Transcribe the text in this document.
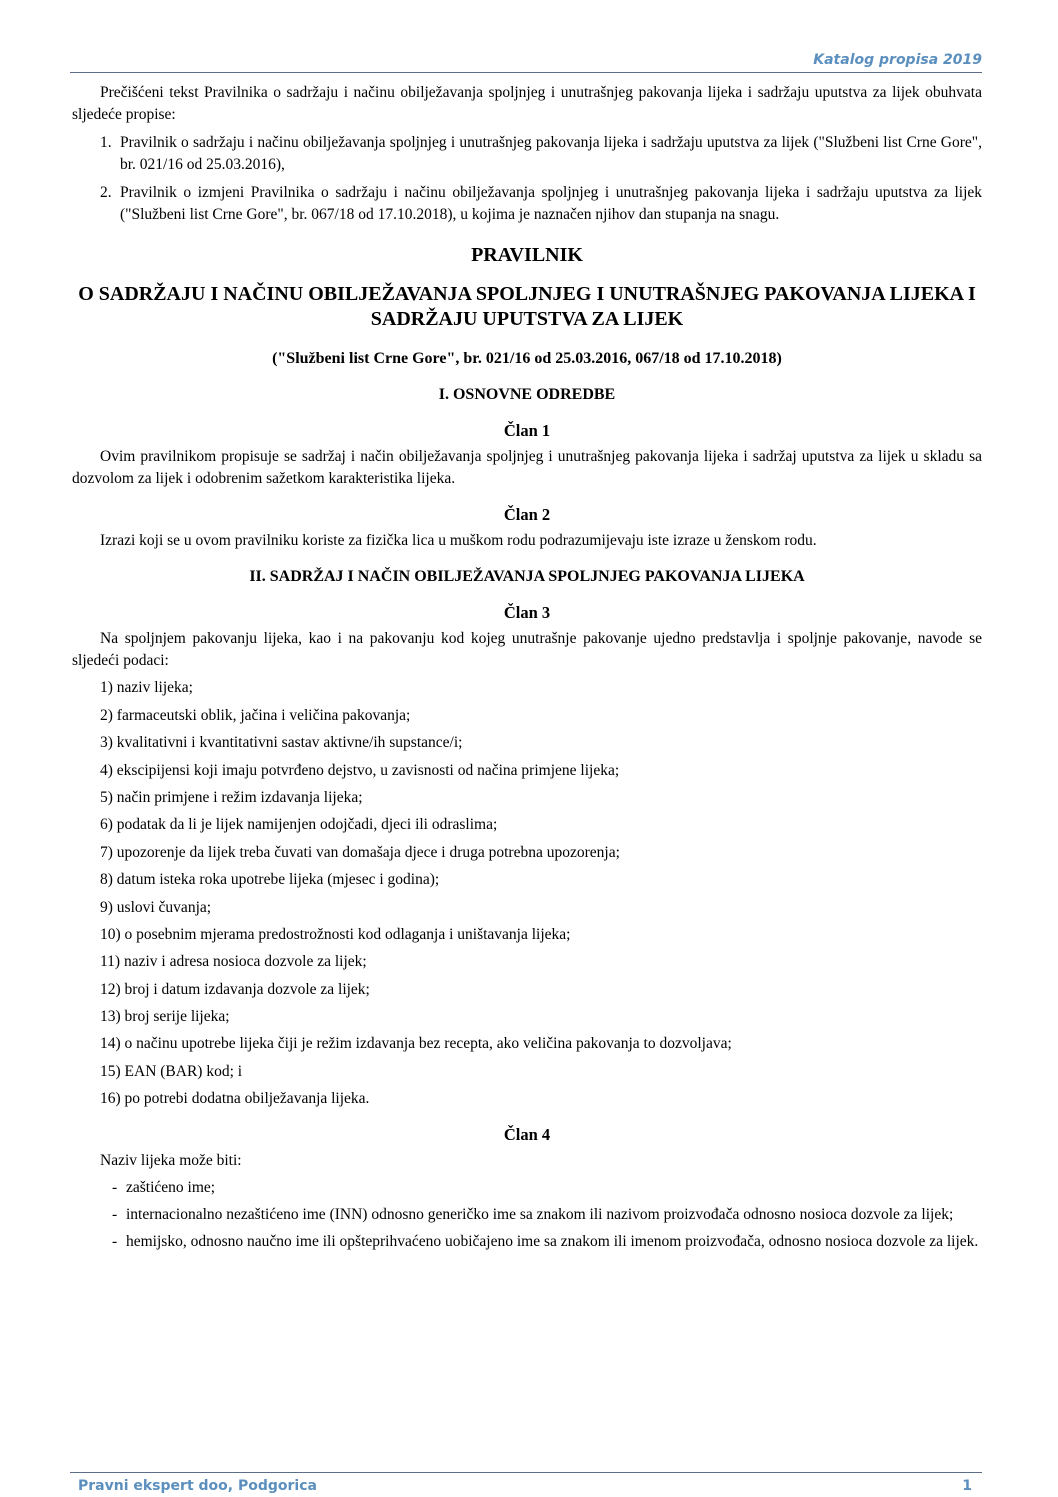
Katalog propisa 2019

Prečišćeni tekst Pravilnika o sadržaju i načinu obilježavanja spoljnjeg i unutrašnjeg pakovanja lijeka i sadržaju uputstva za lijek obuhvata sljedeće propise:

1. Pravilnik o sadržaju i načinu obilježavanja spoljnjeg i unutrašnjeg pakovanja lijeka i sadržaju uputstva za lijek ("Službeni list Crne Gore", br. 021/16 od 25.03.2016),
2. Pravilnik o izmjeni Pravilnika o sadržaju i načinu obilježavanja spoljnjeg i unutrašnjeg pakovanja lijeka i sadržaju uputstva za lijek ("Službeni list Crne Gore", br. 067/18 od 17.10.2018), u kojima je naznačen njihov dan stupanja na snagu.
PRAVILNIK
O SADRŽAJU I NAČINU OBILJEŽAVANJA SPOLJNJEG I UNUTRAŠNJEG PAKOVANJA LIJEKA I SADRŽAJU UPUTSTVA ZA LIJEK
("Službeni list Crne Gore", br. 021/16 od 25.03.2016, 067/18 od 17.10.2018)
I. OSNOVNE ODREDBE
Član 1

Ovim pravilnikom propisuje se sadržaj i način obilježavanja spoljnjeg i unutrašnjeg pakovanja lijeka i sadržaj uputstva za lijek u skladu sa dozvolom za lijek i odobrenim sažetkom karakteristika lijeka.

Član 2

Izrazi koji se u ovom pravilniku koriste za fizička lica u muškom rodu podrazumijevaju iste izraze u ženskom rodu.

II. SADRŽAJ I NAČIN OBILJEŽAVANJA SPOLJNJEG PAKOVANJA LIJEKA
Član 3

Na spoljnjem pakovanju lijeka, kao i na pakovanju kod kojeg unutrašnje pakovanje ujedno predstavlja i spoljnje pakovanje, navode se sljedeći podaci:

1) naziv lijeka;
2) farmaceutski oblik, jačina i veličina pakovanja;
3) kvalitativni i kvantitativni sastav aktivne/ih supstance/i;
4) ekscipijensi koji imaju potvrđeno dejstvo, u zavisnosti od načina primjene lijeka;
5) način primjene i režim izdavanja lijeka;
6) podatak da li je lijek namijenjen odojčadi, djeci ili odraslima;
7) upozorenje da lijek treba čuvati van domašaja djece i druga potrebna upozorenja;
8) datum isteka roka upotrebe lijeka (mjesec i godina);
9) uslovi čuvanja;
10) o posebnim mjerama predostrožnosti kod odlaganja i uništavanja lijeka;
11) naziv i adresa nosioca dozvole za lijek;
12) broj i datum izdavanja dozvole za lijek;
13) broj serije lijeka;
14) o načinu upotrebe lijeka čiji je režim izdavanja bez recepta, ako veličina pakovanja to dozvoljava;
15) EAN (BAR) kod; i
16) po potrebi dodatna obilježavanja lijeka.
Član 4

Naziv lijeka može biti:

- zaštićeno ime;
- internacionalno nezaštićeno ime (INN) odnosno generičko ime sa znakom ili nazivom proizvođača odnosno nosioca dozvole za lijek;
- hemijsko, odnosno naučno ime ili opšteprihvaćeno uobičajeno ime sa znakom ili imenom proizvođača, odnosno nosioca dozvole za lijek.
Pravni ekspert doo, Podgorica	1
